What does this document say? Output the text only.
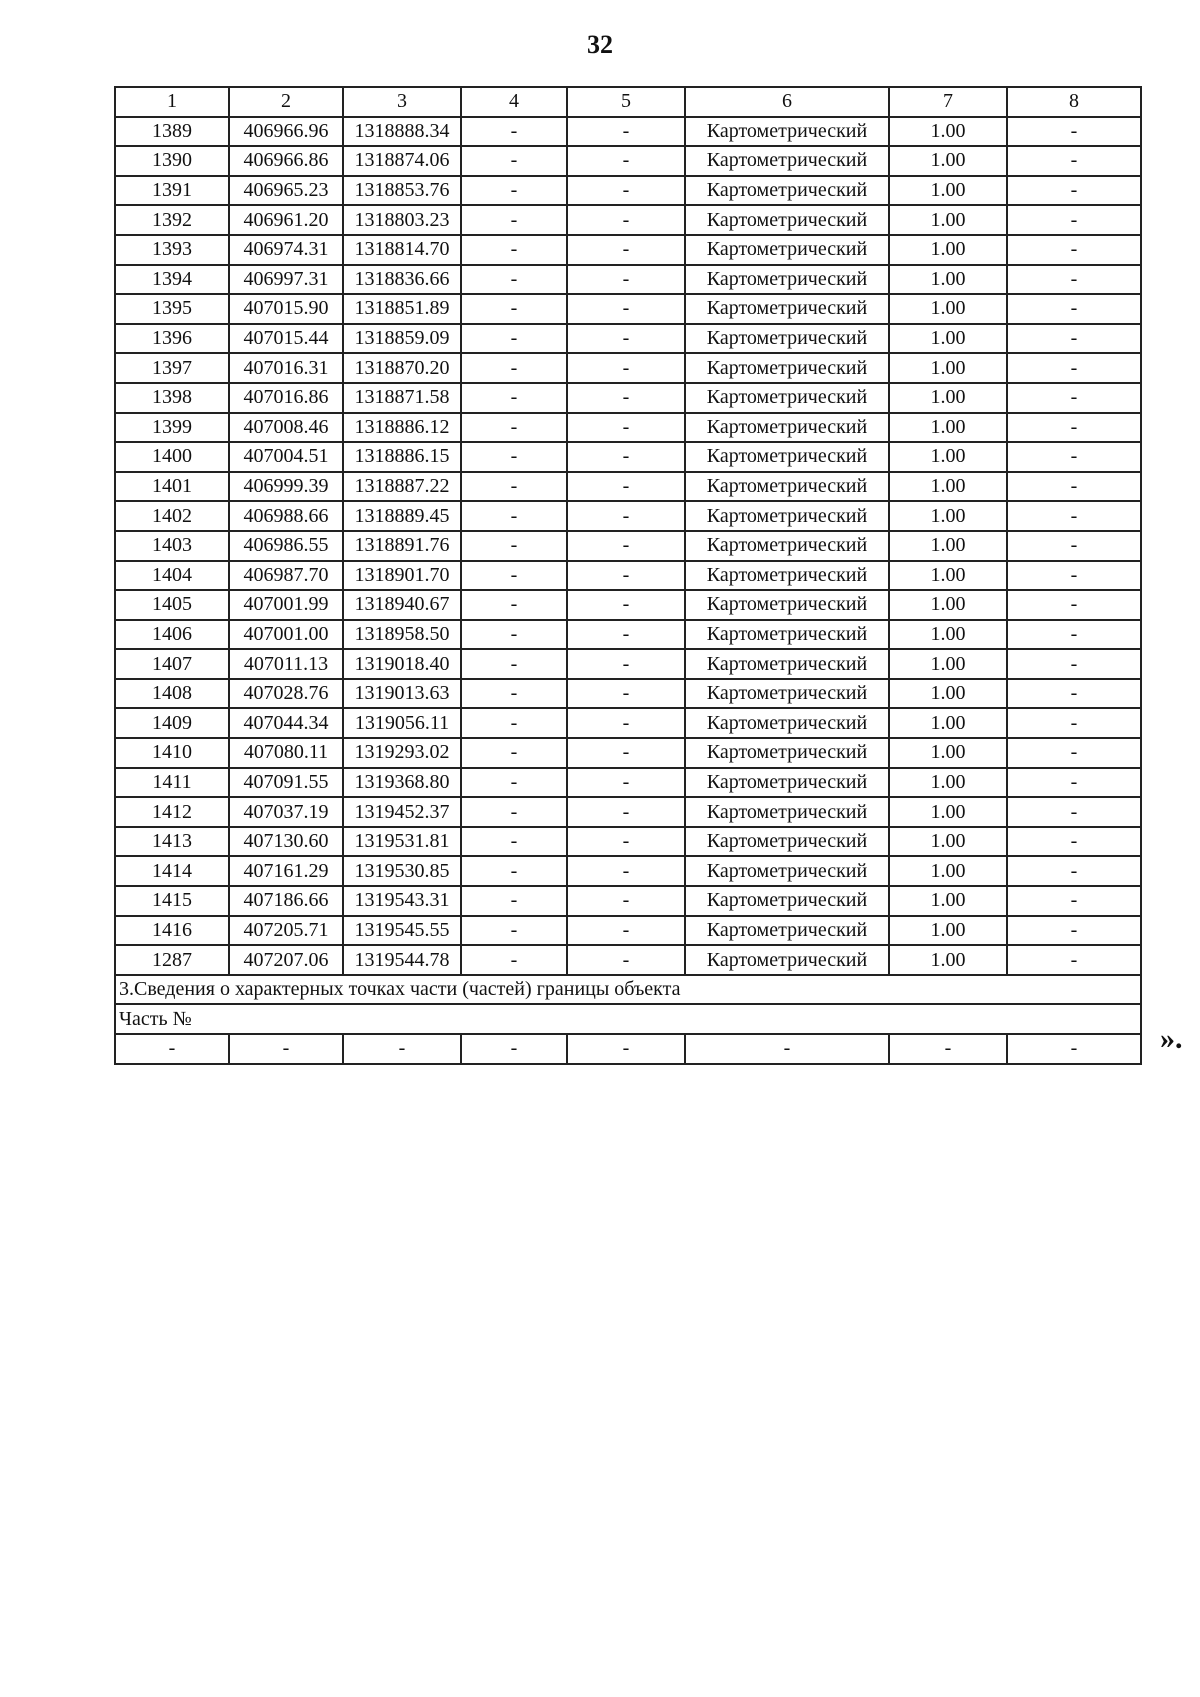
32
1	2	3	4	5	6	7	8
1389	406966.96	1318888.34	-	-	Картометрический	1.00	-
1390	406966.86	1318874.06	-	-	Картометрический	1.00	-
1391	406965.23	1318853.76	-	-	Картометрический	1.00	-
1392	406961.20	1318803.23	-	-	Картометрический	1.00	-
1393	406974.31	1318814.70	-	-	Картометрический	1.00	-
1394	406997.31	1318836.66	-	-	Картометрический	1.00	-
1395	407015.90	1318851.89	-	-	Картометрический	1.00	-
1396	407015.44	1318859.09	-	-	Картометрический	1.00	-
1397	407016.31	1318870.20	-	-	Картометрический	1.00	-
1398	407016.86	1318871.58	-	-	Картометрический	1.00	-
1399	407008.46	1318886.12	-	-	Картометрический	1.00	-
1400	407004.51	1318886.15	-	-	Картометрический	1.00	-
1401	406999.39	1318887.22	-	-	Картометрический	1.00	-
1402	406988.66	1318889.45	-	-	Картометрический	1.00	-
1403	406986.55	1318891.76	-	-	Картометрический	1.00	-
1404	406987.70	1318901.70	-	-	Картометрический	1.00	-
1405	407001.99	1318940.67	-	-	Картометрический	1.00	-
1406	407001.00	1318958.50	-	-	Картометрический	1.00	-
1407	407011.13	1319018.40	-	-	Картометрический	1.00	-
1408	407028.76	1319013.63	-	-	Картометрический	1.00	-
1409	407044.34	1319056.11	-	-	Картометрический	1.00	-
1410	407080.11	1319293.02	-	-	Картометрический	1.00	-
1411	407091.55	1319368.80	-	-	Картометрический	1.00	-
1412	407037.19	1319452.37	-	-	Картометрический	1.00	-
1413	407130.60	1319531.81	-	-	Картометрический	1.00	-
1414	407161.29	1319530.85	-	-	Картометрический	1.00	-
1415	407186.66	1319543.31	-	-	Картометрический	1.00	-
1416	407205.71	1319545.55	-	-	Картометрический	1.00	-
1287	407207.06	1319544.78	-	-	Картометрический	1.00	-
3.Сведения о характерных точках части (частей) границы объекта							
Часть №							
-	-	-	-	-	-	-	-	».
